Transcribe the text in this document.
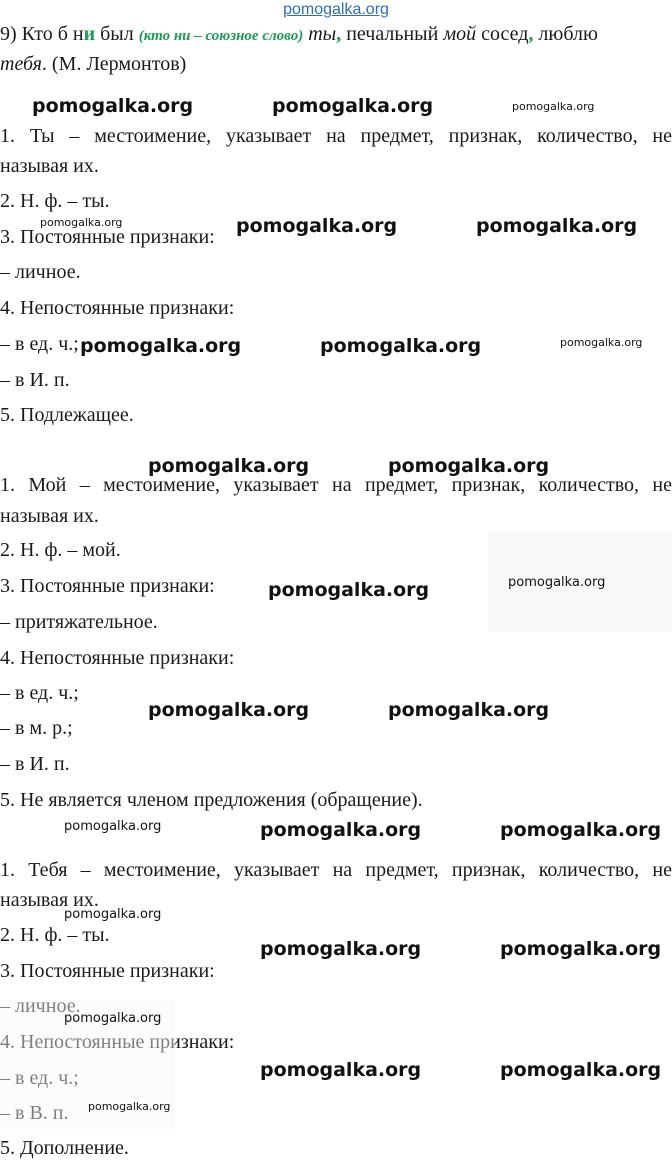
pomogalka.org
9) Кто б ни был (кто ни – союзное слово) ты, печальный мой сосед, люблю
тебя. (М. Лермонтов)
1. Ты – местоимение, указывает на предмет, признак, количество, не
называя их.
2. Н. ф. – ты.
3. Постоянные признаки:
– личное.
4. Непостоянные признаки:
– в ед. ч.;
– в И. п.
5. Подлежащее.
1. Мой – местоимение, указывает на предмет, признак, количество, не
называя их.
2. Н. ф. – мой.
3. Постоянные признаки:
– притяжательное.
4. Непостоянные признаки:
– в ед. ч.;
– в м. р.;
– в И. п.
5. Не является членом предложения (обращение).
1. Тебя – местоимение, указывает на предмет, признак, количество, не
называя их.
2. Н. ф. – ты.
3. Постоянные признаки:
– личное.
4. Непостоянные признаки:
– в ед. ч.;
– в В. п.
5. Дополнение.
pomogalka.org	pomogalka.org	pomogalka.org
pomogalka.org	pomogalka.org	pomogalka.org
pomogalka.org	pomogalka.org	pomogalka.org
pomogalka.org	pomogalka.org
pomogalka.org	pomogalka.org
pomogalka.org	pomogalka.org
pomogalka.org	pomogalka.org	pomogalka.org
pomogalka.org
pomogalka.org	pomogalka.org
pomogalka.org
pomogalka.org	pomogalka.org
pomogalka.org
